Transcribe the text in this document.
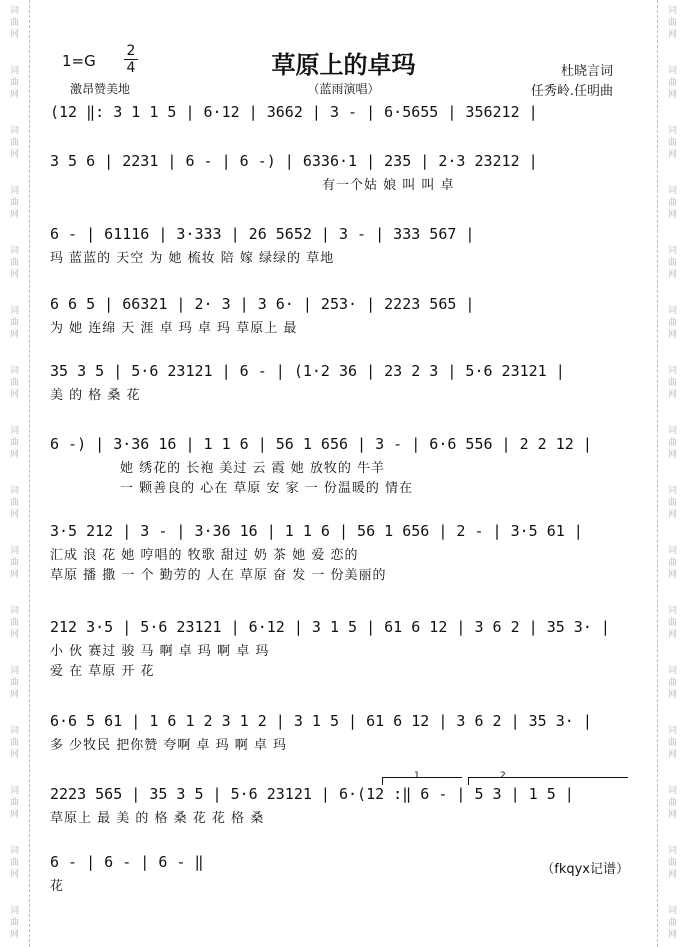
词
曲
网
词
曲
网
词
曲
网
词
曲
网
词
曲
网
词
曲
网
词
曲
网
词
曲
网
词
曲
网
词
曲
网
词
曲
网
词
曲
网
词
曲
网
词
曲
网
词
曲
网
词
曲
网
词
曲
网
词
曲
网
词
曲
网
词
曲
网
词
曲
网
词
曲
网
词
曲
网
词
曲
网
词
曲
网
词
曲
网
词
曲
网
词
曲
网
词
曲
网
词
曲
网
词
曲
网
词
曲
网
1=G
2
4	草原上的卓玛	杜晓言词
（蓝雨演唱）
激昂赞美地	任秀岭.任明曲
(12 ‖: 3 1 1 5 | 6·12 | 3662 | 3 - | 6·5655 | 356212 |
3 5 6 | 2231 | 6 - | 6 -) | 6336·1 | 235 | 2·3 23212 |
有一个姑 娘 叫 叫 卓
6 - | 61116 | 3·333 | 26 5652 | 3 - | 333 567 |
玛 蓝蓝的 天空 为 她 梳妆 陪 嫁 绿绿的 草地
6 6 5 | 66321 | 2· 3 | 3 6· | 253· | 2223 565 |
为 她 连绵 天 涯 卓 玛 卓 玛 草原上 最
35 3 5 | 5·6 23121 | 6 - | (1·2 36 | 23 2 3 | 5·6 23121 |
美 的 格 桑 花
6 -) | 3·36 16 | 1 1 6 | 56 1 656 | 3 - | 6·6 556 | 2 2 12 |
她 绣花的 长袍 美过 云 霞 她 放牧的 牛羊
一 颗善良的 心在 草原 安 家 一 份温暖的 情在
3·5 212 | 3 - | 3·36 16 | 1 1 6 | 56 1 656 | 2 - | 3·5 61 |
汇成 浪 花 她 哼唱的 牧歌 甜过 奶 茶 她 爱 恋的
草原 播 撒 一 个 勤劳的 人在 草原 奋 发 一 份美丽的
212 3·5 | 5·6 23121 | 6·12 | 3 1 5 | 61 6 12 | 3 6 2 | 35 3· |
小 伙 赛过 骏 马 啊 卓 玛 啊 卓 玛
爱 在 草原 开 花
6·6 5 61 | 1 6 1 2 3 1 2 | 3 1 5 | 61 6 12 | 3 6 2 | 35 3· |
多 少牧民 把你赞 夸啊 卓 玛 啊 卓 玛
2223 565 | 35 3 5 | 5·6 23121 | 6·(12 :‖ 6 - | 5 3 | 1 5 |
草原上 最 美 的 格 桑 花 花 格 桑
1	2
6 - | 6 - | 6 - ‖
花
（fkqyx记谱）
